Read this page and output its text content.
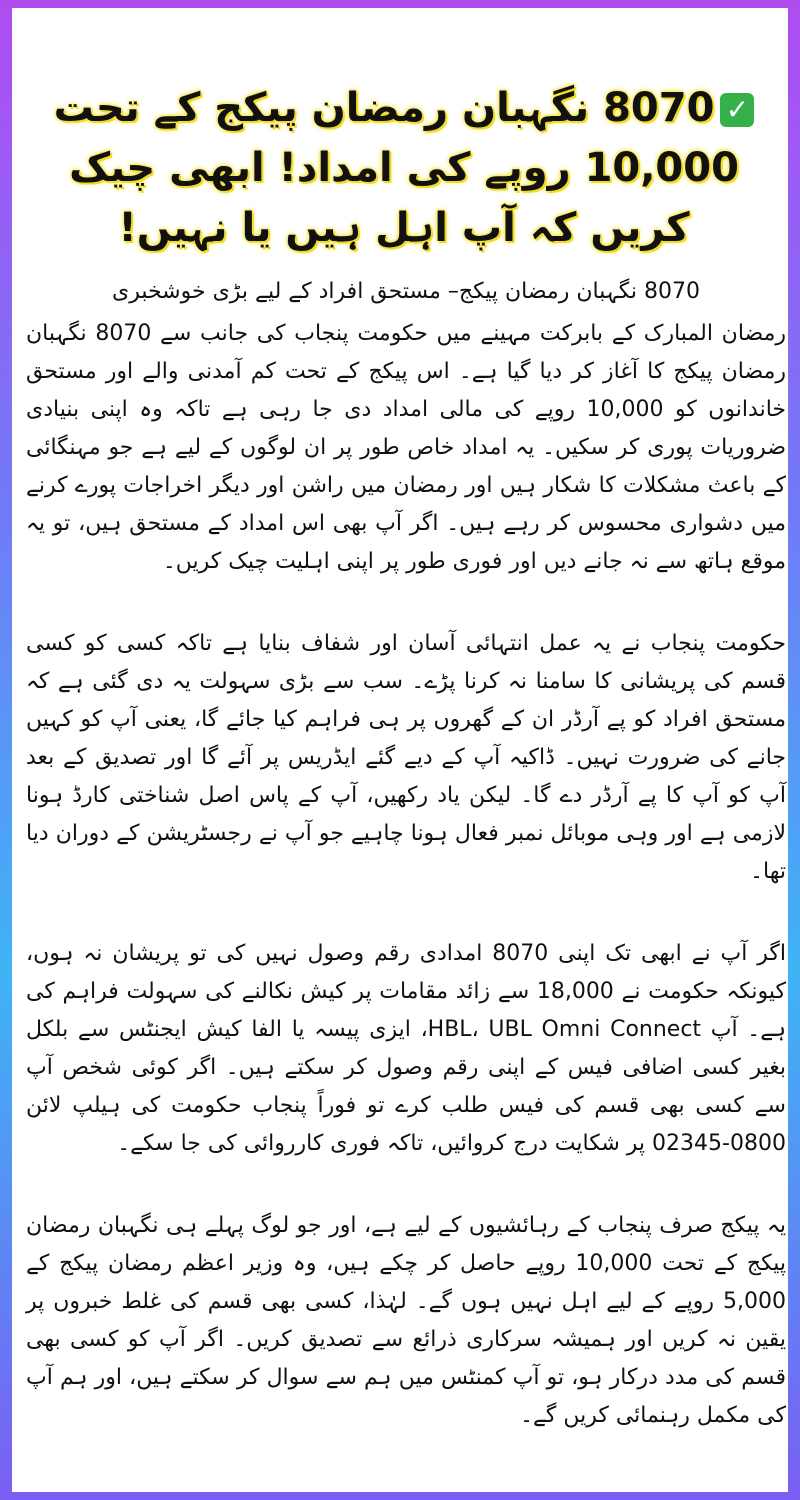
✓8070 نگہبان رمضان پیکج کے تحت 10,000 روپے کی امداد! ابھی چیک کریں کہ آپ اہل ہیں یا نہیں!

8070 نگہبان رمضان پیکج– مستحق افراد کے لیے بڑی خوشخبری

رمضان المبارک کے بابرکت مہینے میں حکومت پنجاب کی جانب سے 8070 نگہبان رمضان پیکج کا آغاز کر دیا گیا ہے۔ اس پیکج کے تحت کم آمدنی والے اور مستحق خاندانوں کو 10,000 روپے کی مالی امداد دی جا رہی ہے تاکہ وہ اپنی بنیادی ضروریات پوری کر سکیں۔ یہ امداد خاص طور پر ان لوگوں کے لیے ہے جو مہنگائی کے باعث مشکلات کا شکار ہیں اور رمضان میں راشن اور دیگر اخراجات پورے کرنے میں دشواری محسوس کر رہے ہیں۔ اگر آپ بھی اس امداد کے مستحق ہیں، تو یہ موقع ہاتھ سے نہ جانے دیں اور فوری طور پر اپنی اہلیت چیک کریں۔

حکومت پنجاب نے یہ عمل انتہائی آسان اور شفاف بنایا ہے تاکہ کسی کو کسی قسم کی پریشانی کا سامنا نہ کرنا پڑے۔ سب سے بڑی سہولت یہ دی گئی ہے کہ مستحق افراد کو پے آرڈر ان کے گھروں پر ہی فراہم کیا جائے گا، یعنی آپ کو کہیں جانے کی ضرورت نہیں۔ ڈاکیہ آپ کے دیے گئے ایڈریس پر آئے گا اور تصدیق کے بعد آپ کو آپ کا پے آرڈر دے گا۔ لیکن یاد رکھیں، آپ کے پاس اصل شناختی کارڈ ہونا لازمی ہے اور وہی موبائل نمبر فعال ہونا چاہیے جو آپ نے رجسٹریشن کے دوران دیا تھا۔

اگر آپ نے ابھی تک اپنی 8070 امدادی رقم وصول نہیں کی تو پریشان نہ ہوں، کیونکہ حکومت نے 18,000 سے زائد مقامات پر کیش نکالنے کی سہولت فراہم کی ہے۔ آپ HBL، UBL Omni Connect، ایزی پیسہ یا الفا کیش ایجنٹس سے بلکل بغیر کسی اضافی فیس کے اپنی رقم وصول کر سکتے ہیں۔ اگر کوئی شخص آپ سے کسی بھی قسم کی فیس طلب کرے تو فوراً پنجاب حکومت کی ہیلپ لائن 0800-02345 پر شکایت درج کروائیں، تاکہ فوری کارروائی کی جا سکے۔

یہ پیکج صرف پنجاب کے رہائشیوں کے لیے ہے، اور جو لوگ پہلے ہی نگہبان رمضان پیکج کے تحت 10,000 روپے حاصل کر چکے ہیں، وہ وزیر اعظم رمضان پیکج کے 5,000 روپے کے لیے اہل نہیں ہوں گے۔ لہٰذا، کسی بھی قسم کی غلط خبروں پر یقین نہ کریں اور ہمیشہ سرکاری ذرائع سے تصدیق کریں۔ اگر آپ کو کسی بھی قسم کی مدد درکار ہو، تو آپ کمنٹس میں ہم سے سوال کر سکتے ہیں، اور ہم آپ کی مکمل رہنمائی کریں گے۔
